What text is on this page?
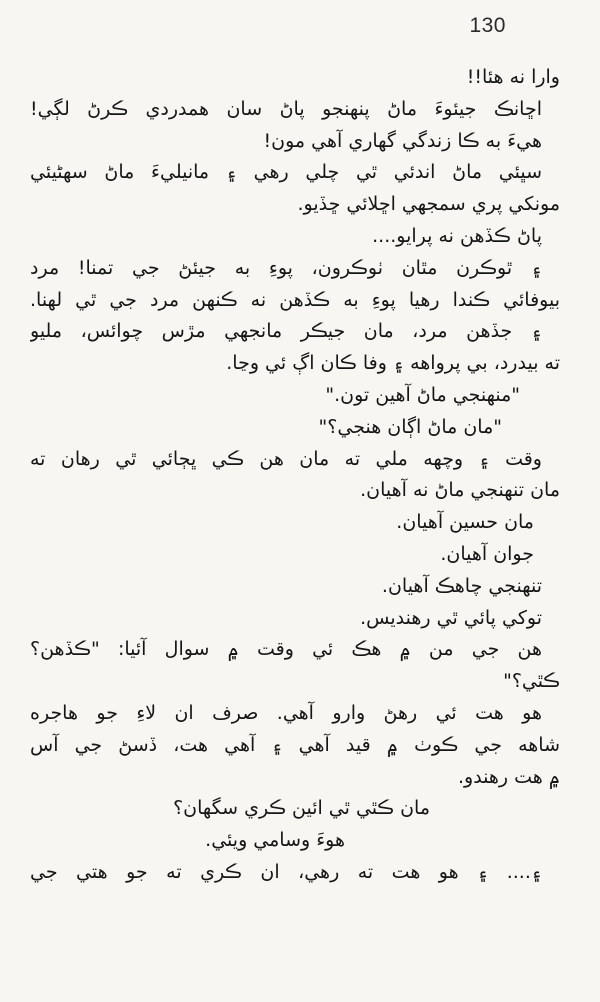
130
وارا نه هئا!!
اڇانڪ جيئوءَ ماڻ پنهنجو پاڻ سان همدردي ڪرڻ لڳي!
هيءَ به ڪا زندگي گهاري آهي مون!
سڀئي ماڻ اندئي ٿي چلي رهي ۽ مانيليءَ ماڻ سهڻيئي
مونکي پري سمجهي اڇلائي ڇڏيو.
پاڻ ڪڏهن نه پرايو....
۽ ٿوڪرن مٿان ٺوڪرون، پوءِ به جيئڻ جي تمنا! مرد
بيوفائي ڪندا رهيا پوءِ به ڪڏهن نه ڪنهن مرد جي ٿي لهنا.
۽ جڏهن مرد، مان جيڪر مانجهي مڙس چوائس، مليو
ته بيدرد، بي پرواهه ۽ وفا ڪان اڳ ئي وڃا.
"منهنجي ماڻ آهين تون."
"مان ماڻ اڳان هنجي؟"
وقت ۽ وچهه ملي ته مان هن ڪي ڀڄائي ٿي رهان ته
مان تنهنجي ماڻ نه آهيان.
مان حسين آهيان.
جوان آهيان.
تنهنجي چاهڪ آهيان.
توکي پائي ٿي رهنديس.
هن جي من ۾ هڪ ئي وقت ۾ سوال آئيا: "ڪڏهن؟
ڪٿي؟"
هو هت ئي رهڻ وارو آهي. صرف ان لاءِ جو هاجره
شاهه جي ڪوٺ ۾ قيد آهي ۽ آهي هت، ڏسڻ جي آس
۾ هت رهندو.
مان ڪٿي ٿي ائين ڪري سگهان؟
هوءَ وسامي ويئي.
۽.... ۽ هو هت ته رهي، ان ڪري ته جو هتي جي
